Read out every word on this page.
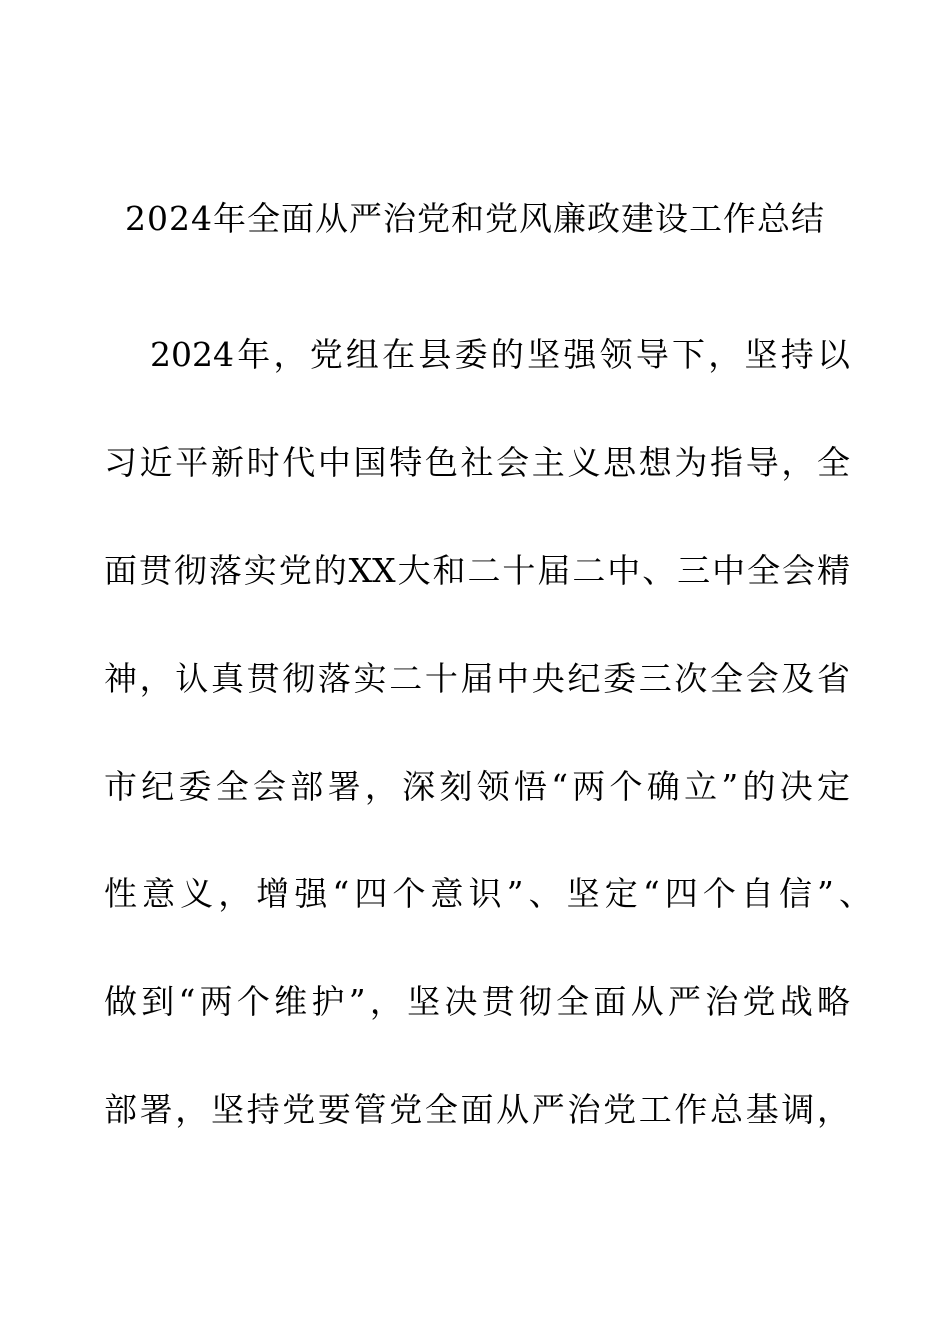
2024年全面从严治党和党风廉政建设工作总结
2024年，党组在县委的坚强领导下，坚持以
习近平新时代中国特色社会主义思想为指导，全
面贯彻落实党的XX大和二十届二中、三中全会精
神，认真贯彻落实二十届中央纪委三次全会及省
市纪委全会部署，深刻领悟“两个确立”的决定
性意义，增强“四个意识”、坚定“四个自信”、
做到“两个维护”，坚决贯彻全面从严治党战略
部署，坚持党要管党全面从严治党工作总基调，
